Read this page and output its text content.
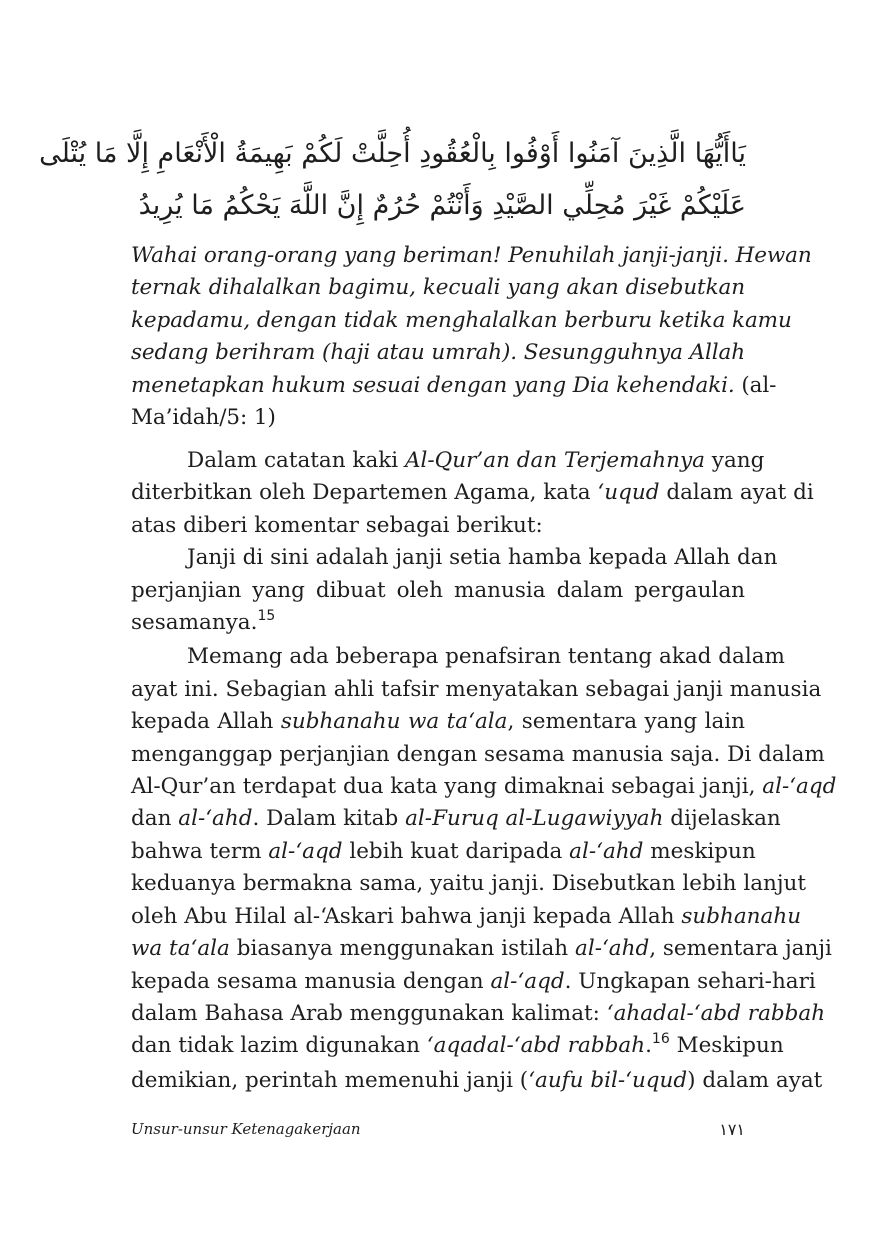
يَاأَيُّهَا الَّذِينَ آمَنُوا أَوْفُوا بِالْعُقُودِ أُحِلَّتْ لَكُمْ بَهِيمَةُ الْأَنْعَامِ إِلَّا مَا يُتْلَى
عَلَيْكُمْ غَيْرَ مُحِلِّي الصَّيْدِ وَأَنْتُمْ حُرُمٌ إِنَّ اللَّهَ يَحْكُمُ مَا يُرِيدُ
Wahai orang-orang yang beriman! Penuhilah janji-janji. Hewan
ternak dihalalkan bagimu, kecuali yang akan disebutkan
kepadamu, dengan tidak menghalalkan berburu ketika kamu
sedang berihram (haji atau umrah). Sesungguhnya Allah
menetapkan hukum sesuai dengan yang Dia kehendaki. (al-
Ma’idah/5: 1)
Dalam catatan kaki Al-Qur’an dan Terjemahnya yang
diterbitkan oleh Departemen Agama, kata ‘uqud dalam ayat di
atas diberi komentar sebagai berikut:
Janji di sini adalah janji setia hamba kepada Allah dan
perjanjian yang dibuat oleh manusia dalam pergaulan
sesamanya.$^{15}$
Memang ada beberapa penafsiran tentang akad dalam
ayat ini. Sebagian ahli tafsir menyatakan sebagai janji manusia
kepada Allah subhanahu wa ta‘ala, sementara yang lain
menganggap perjanjian dengan sesama manusia saja. Di dalam
Al-Qur’an terdapat dua kata yang dimaknai sebagai janji, al-‘aqd
dan al-‘ahd. Dalam kitab al-Furuq al-Lugawiyyah dijelaskan
bahwa term al-‘aqd lebih kuat daripada al-‘ahd meskipun
keduanya bermakna sama, yaitu janji. Disebutkan lebih lanjut
oleh Abu Hilal al-‘Askari bahwa janji kepada Allah subhanahu
wa ta‘ala biasanya menggunakan istilah al-‘ahd, sementara janji
kepada sesama manusia dengan al-‘aqd. Ungkapan sehari-hari
dalam Bahasa Arab menggunakan kalimat: ‘ahadal-‘abd rabbah
dan tidak lazim digunakan ‘aqadal-‘abd rabbah.$^{16}$ Meskipun
demikian, perintah memenuhi janji (‘aufu bil-‘uqud) dalam ayat
Unsur-unsur Ketenagakerjaan	١٧١
